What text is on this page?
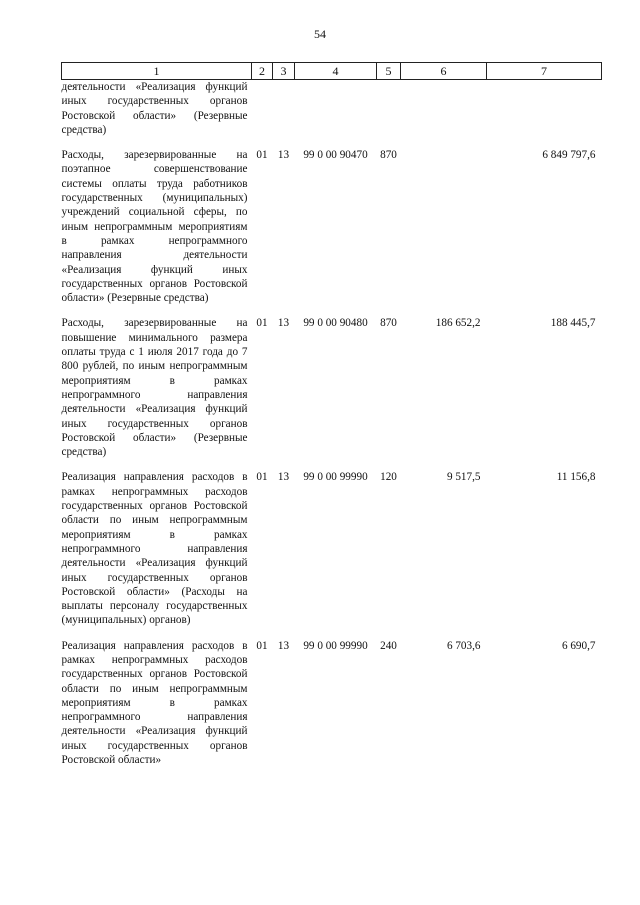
54
1	2	3	4	5	6	7
деятельности «Реализация функций иных государственных органов Ростовской области» (Резервные средства)						
Расходы, зарезервированные на поэтапное совершенствование системы оплаты труда работников государственных (муниципальных) учреждений социальной сферы, по иным непрограммным мероприятиям в рамках непрограммного направления деятельности «Реализация функций иных государственных органов Ростовской области» (Резервные средства)	01	13	99 0 00 90470	870		6 849 797,6
Расходы, зарезервированные на повышение минимального размера оплаты труда с 1 июля 2017 года до 7 800 рублей, по иным непрограммным мероприятиям в рамках непрограммного направления деятельности «Реализация функций иных государственных органов Ростовской области» (Резервные средства)	01	13	99 0 00 90480	870	186 652,2	188 445,7
Реализация направления расходов в рамках непрограммных расходов государственных органов Ростовской области по иным непрограммным мероприятиям в рамках непрограммного направления деятельности «Реализация функций иных государственных органов Ростовской области» (Расходы на выплаты персоналу государственных (муниципальных) органов)	01	13	99 0 00 99990	120	9 517,5	11 156,8
Реализация направления расходов в рамках непрограммных расходов государственных органов Ростовской области по иным непрограммным мероприятиям в рамках непрограммного направления деятельности «Реализация функций иных государственных органов Ростовской области»	01	13	99 0 00 99990	240	6 703,6	6 690,7
